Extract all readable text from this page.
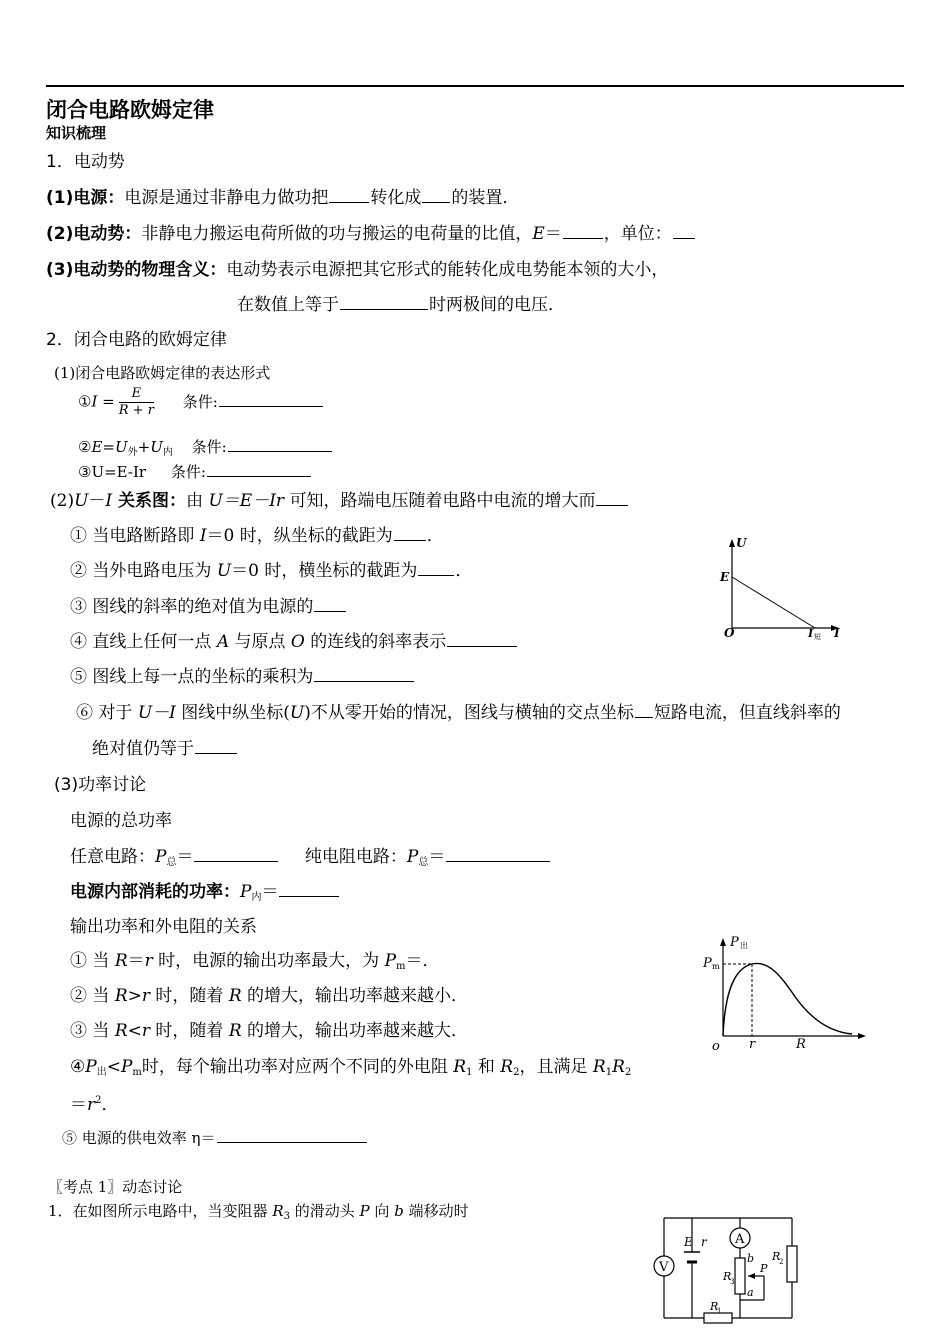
闭合电路欧姆定律
知识梳理
1．电动势
(1)电源：电源是通过非静电力做功把 转化成 的装置．
(2)电动势：非静电力搬运电荷所做的功与搬运的电荷量的比值，E＝ ，单位：
(3)电动势的物理含义：电动势表示电源把其它形式的能转化成电势能本领的大小，
在数值上等于	时两极间的电压．
2．闭合电路的欧姆定律
(1)闭合电路欧姆定律的表达形式
①I = $\frac{E}{R + r}$ 条件:
$②E=U_外+U_内$ 条件:
③U=E-Ir 条件:
(2)U－I 关系图：由 U＝E－Ir 可知，路端电压随着电路中电流的增大而
① 当电路断路即 I＝0 时，纵坐标的截距为 ．
② 当外电路电压为 U＝0 时，横坐标的截距为 ．
③ 图线的斜率的绝对值为电源的
④ 直线上任何一点 A 与原点 O 的连线的斜率表示
⑤ 图线上每一点的坐标的乘积为
⑥ 对于 U－I 图线中纵坐标(U)不从零开始的情况，图线与横轴的交点坐标 短路电流，但直线斜率的
绝对值仍等于
(3)功率讨论
电源的总功率
任意电路：$P_总=$	纯电阻电路：$P_总=$
电源内部消耗的功率：$P_内=$
输出功率和外电阻的关系
① 当 R＝r 时，电源的输出功率最大，为 $P_m=$．
② 当 R>r 时，随着 R 的增大，输出功率越来越小．
③ 当 R<r 时，随着 R 的增大，输出功率越来越大．
$④P_出<P_m$时，每个输出功率对应两个不同的外电阻 $R_1$ 和 $R_2$，且满足 $R_1R_2$
$=r^2$．
⑤ 电源的供电效率 η＝
〖考点 1〗动态讨论
1．在如图所示电路中，当变阻器 $R_3$ 的滑动头 P 向 b 端移动时
U
E
O	I
I 短
P 出
P m
o r	R
V
A
E r
b
a
P
R
3
R
2
R
1
